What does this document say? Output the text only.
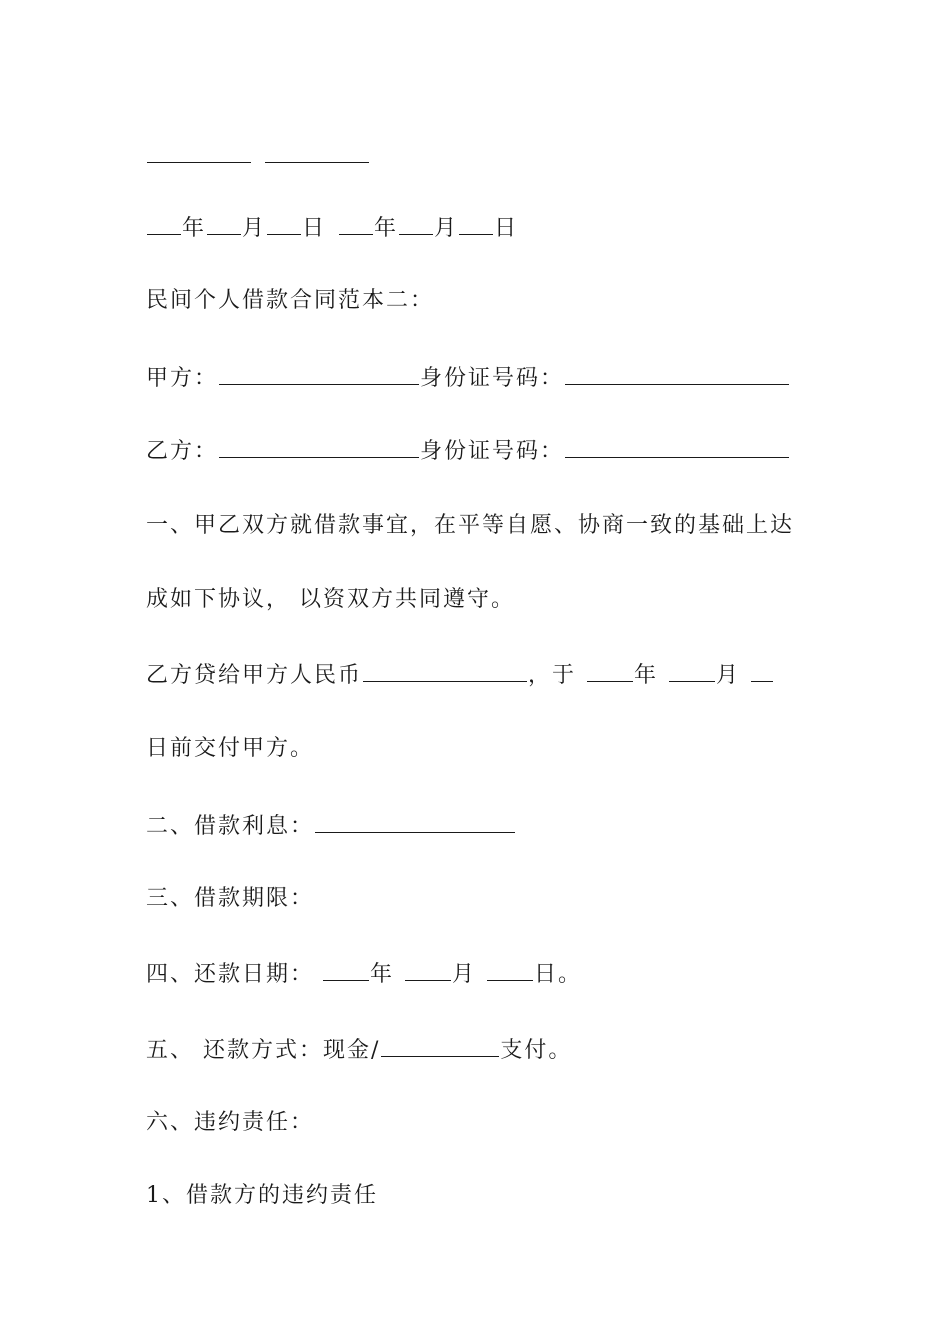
年 月 日 年 月 日
民间个人借款合同范本二：
甲方：	身份证号码：
乙方：	身份证号码：
一、甲乙双方就借款事宜，在平等自愿、协商一致的基础上达
成如下协议， 以资双方共同遵守。
乙方贷给甲方人民币	，于	年	月
日前交付甲方。
二、借款利息：
三、借款期限：
四、还款日期：	年	月	日。
五、 还款方式：现金/	支付。
六、违约责任：
1、借款方的违约责任
